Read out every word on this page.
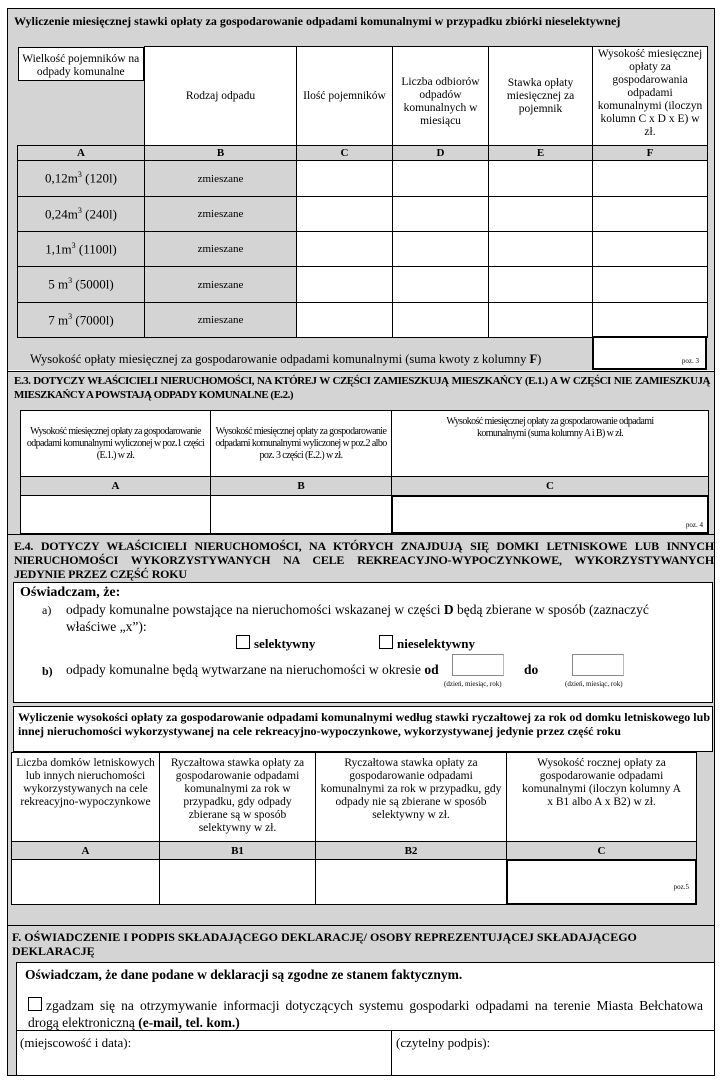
Wyliczenie miesięcznej stawki opłaty za gospodarowanie odpadami komunalnymi w przypadku zbiórki nieselektywnej
Wielkość pojemników na odpady komunalne
Rodzaj odpadu	Ilość pojemników	Liczba odbiorów odpadów komunalnych w miesiącu	Stawka opłaty miesięcznej za pojemnik	Wysokość miesięcznej opłaty za gospodarowania odpadami komunalnymi (iloczyn kolumn C x D x E) w zł.
A	B	C	D	E	F
$0,12m^3$ (120l)	zmieszane				
$0,24m^3$ (240l)	zmieszane				
$1,1m^3$ (1100l)	zmieszane				
5 $m^3$ (5000l)	zmieszane				
7 $m^3$ (7000l)	zmieszane				
Wysokość opłaty miesięcznej za gospodarowanie odpadami komunalnymi (suma kwoty z kolumny F)	poz. 3
E.3. DOTYCZY WŁAŚCICIELI NIERUCHOMOŚCI, NA KTÓREJ W CZĘŚCI ZAMIESZKUJĄ MIESZKAŃCY (E.1.) A W CZĘŚCI NIE ZAMIESZKUJĄ MIESZKAŃCY A POWSTAJĄ ODPADY KOMUNALNE (E.2.)
Wysokość miesięcznej opłaty za gospodarowanie odpadami komunalnymi wyliczonej w poz.1 części (E.1.) w zł.
Wysokość miesięcznej opłaty za gospodarowanie odpadami komunalnymi wyliczonej w poz.2 albo poz. 3 części (E.2.) w zł.
Wysokość miesięcznej opłaty za gospodarowanie odpadami komunalnymi (suma kolumny A i B) w zł.
A	B	C
poz. 4
E.4. DOTYCZY WŁAŚCICIELI NIERUCHOMOŚCI, NA KTÓRYCH ZNAJDUJĄ SIĘ DOMKI LETNISKOWE LUB INNYCH NIERUCHOMOŚCI WYKORZYSTYWANYCH NA CELE REKREACYJNO-WYPOCZYNKOWE, WYKORZYSTYWANYCH JEDYNIE PRZEZ CZĘŚĆ ROKU
Oświadczam, że:
a) odpady komunalne powstające na nieruchomości wskazanej w części D będą zbierane w sposób (zaznaczyć właściwe „x”):
selektywny	nieselektywny
b) odpady komunalne będą wytwarzane na nieruchomości w okresie od
(dzień, miesiąc, rok)
do
(dzień, miesiąc, rok)
Wyliczenie wysokości opłaty za gospodarowanie odpadami komunalnymi według stawki ryczałtowej za rok od domku letniskowego lub innej nieruchomości wykorzystywanej na cele rekreacyjno-wypoczynkowe, wykorzystywanej jedynie przez część roku
Liczba domków letniskowych lub innych nieruchomości wykorzystywanych na cele rekreacyjno-wypoczynkowe
Ryczałtowa stawka opłaty za gospodarowanie odpadami komunalnymi za rok w przypadku, gdy odpady zbierane są w sposób selektywny w zł.
Ryczałtowa stawka opłaty za gospodarowanie odpadami komunalnymi za rok w przypadku, gdy odpady nie są zbierane w sposób selektywny w zł.
Wysokość rocznej opłaty za gospodarowanie odpadami komunalnymi (iloczyn kolumny A x B1 albo A x B2) w zł.
A	B1	B2	C
poz.5
F. OŚWIADCZENIE I PODPIS SKŁADAJĄCEGO DEKLARACJĘ/ OSOBY REPREZENTUJĄCEJ SKŁADAJĄCEGO DEKLARACJĘ
Oświadczam, że dane podane w deklaracji są zgodne ze stanem faktycznym.
zgadzam się na otrzymywanie informacji dotyczących systemu gospodarki odpadami na terenie Miasta Bełchatowa drogą elektroniczną (e-mail, tel. kom.)
(miejscowość i data):	(czytelny podpis):
